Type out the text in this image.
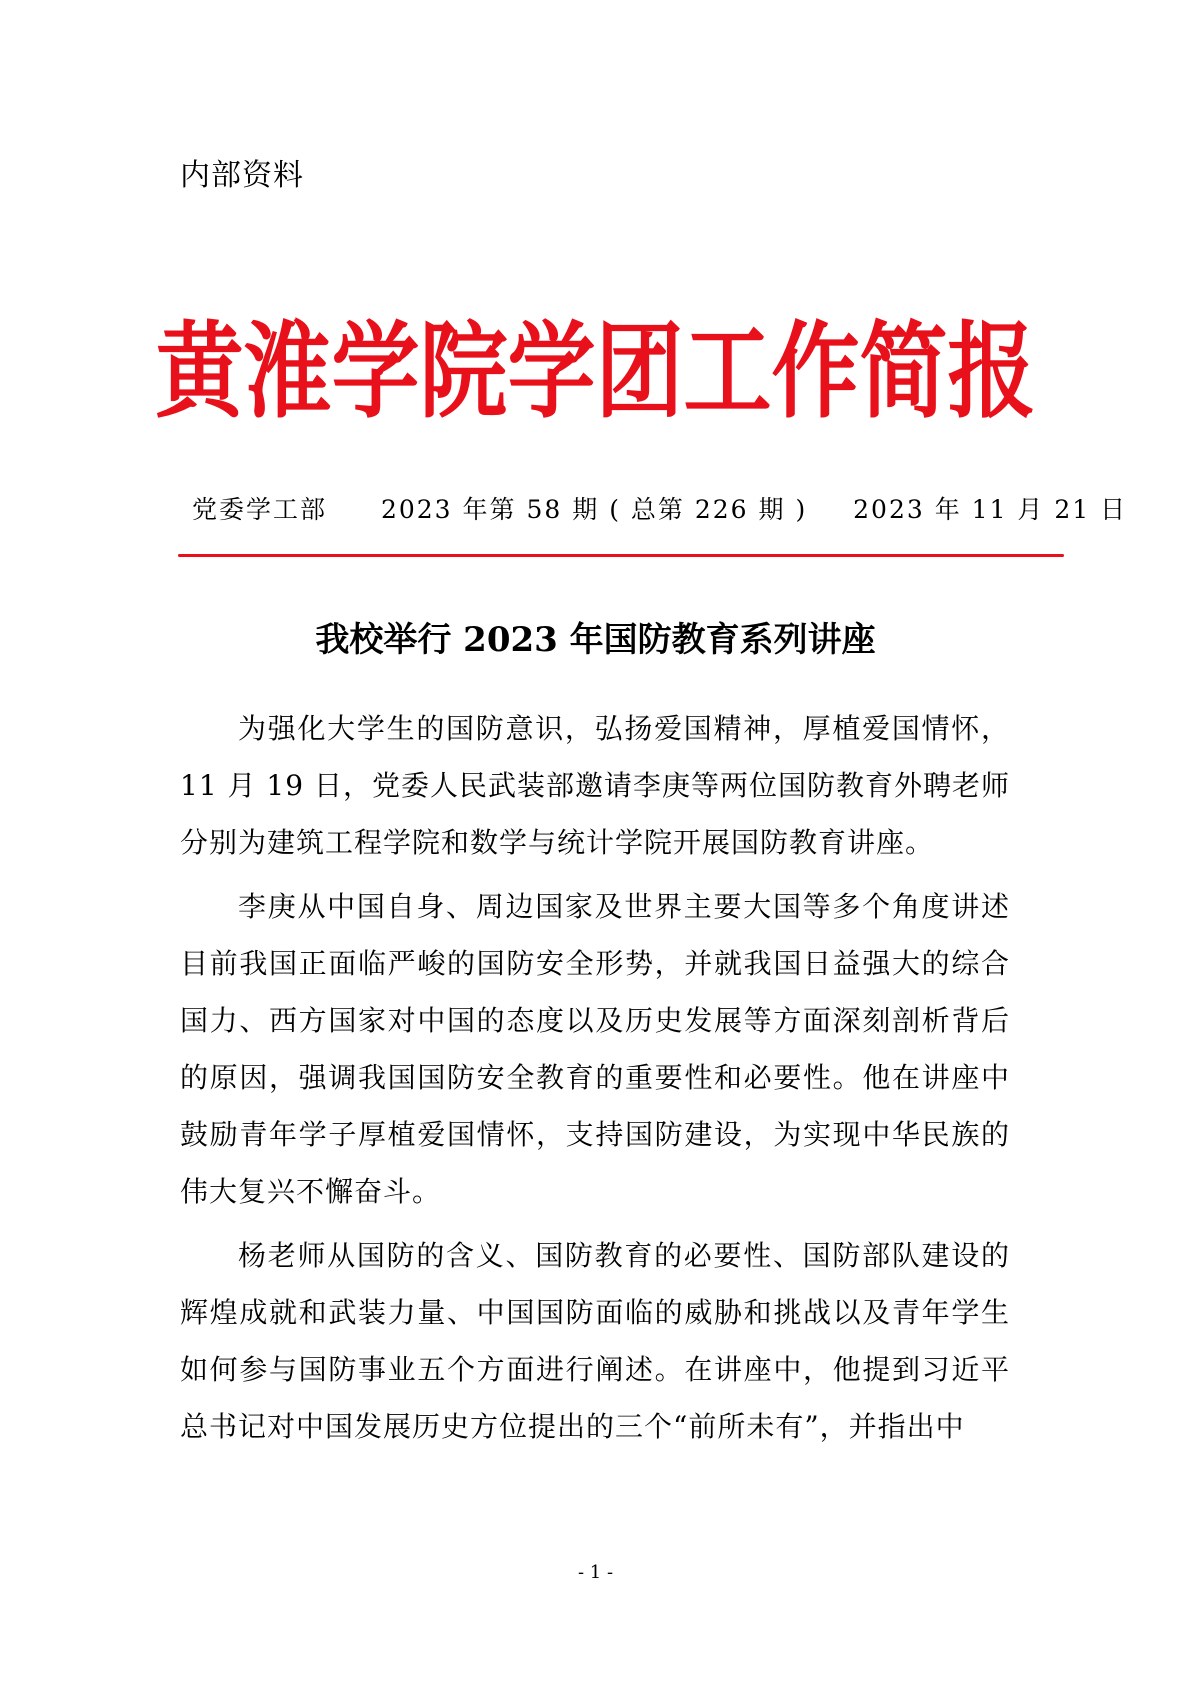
内部资料
黄淮学院学团工作简报
党委学工部 2023 年第 58 期 ( 总第 226 期 ) 2023 年 11 月 21 日
我校举行 2023 年国防教育系列讲座

为强化大学生的国防意识，弘扬爱国精神，厚植爱国情怀，11 月 19 日，党委人民武装部邀请李庚等两位国防教育外聘老师分别为建筑工程学院和数学与统计学院开展国防教育讲座。

李庚从中国自身、周边国家及世界主要大国等多个角度讲述目前我国正面临严峻的国防安全形势，并就我国日益强大的综合国力、西方国家对中国的态度以及历史发展等方面深刻剖析背后的原因，强调我国国防安全教育的重要性和必要性。他在讲座中鼓励青年学子厚植爱国情怀，支持国防建设，为实现中华民族的伟大复兴不懈奋斗。

杨老师从国防的含义、国防教育的必要性、国防部队建设的辉煌成就和武装力量、中国国防面临的威胁和挑战以及青年学生如何参与国防事业五个方面进行阐述。在讲座中，他提到习近平总书记对中国发展历史方位提出的三个“前所未有”，并指出中

- 1 -
